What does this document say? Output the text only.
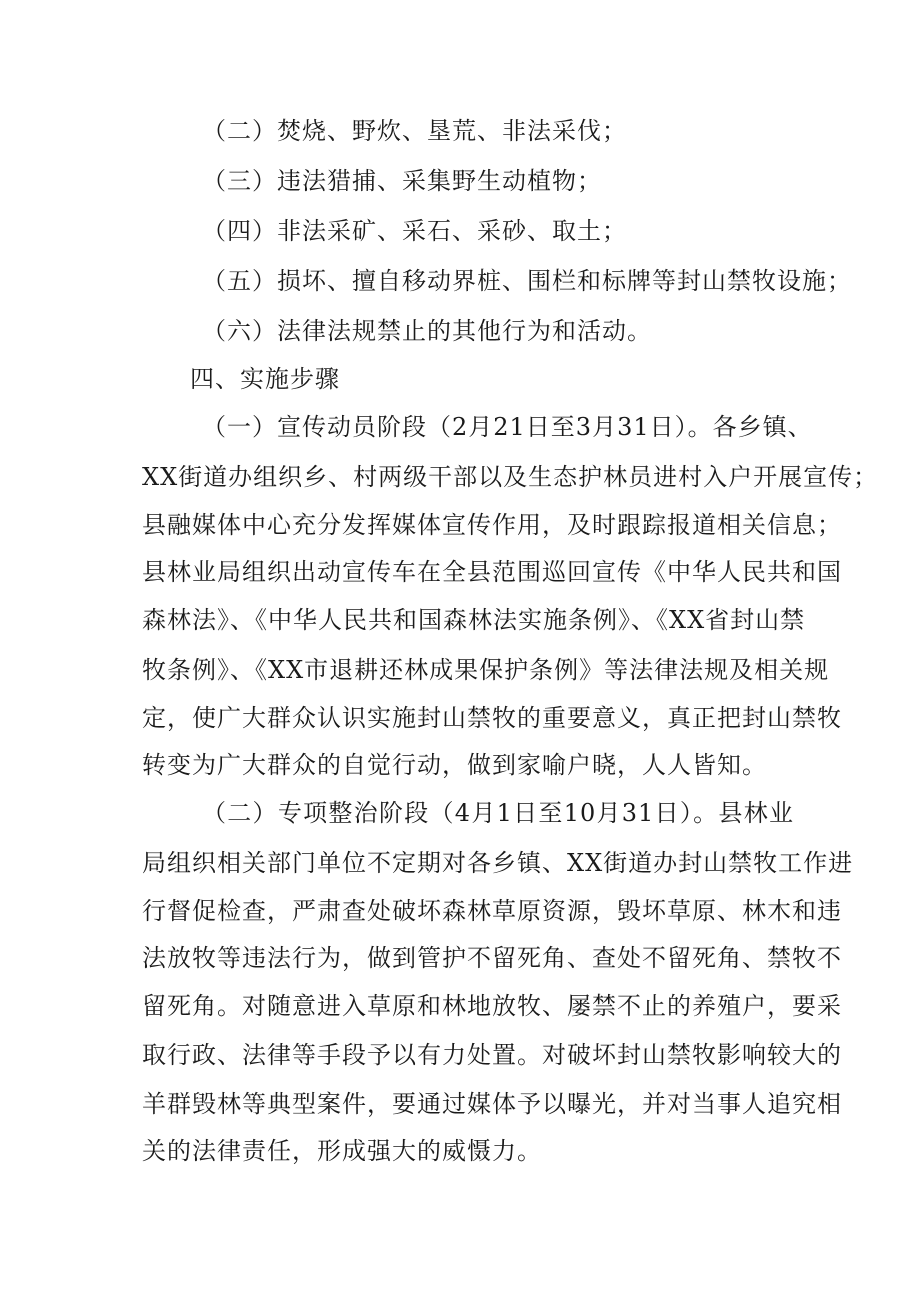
（二）焚烧、野炊、垦荒、非法采伐；
（三）违法猎捕、采集野生动植物；
（四）非法采矿、采石、采砂、取土；
（五）损坏、擅自移动界桩、围栏和标牌等封山禁牧设施；
（六）法律法规禁止的其他行为和活动。
四、实施步骤
（一）宣传动员阶段（2月21日至3月31日）。各乡镇、
XX街道办组织乡、村两级干部以及生态护林员进村入户开展宣传；
县融媒体中心充分发挥媒体宣传作用，及时跟踪报道相关信息；
县林业局组织出动宣传车在全县范围巡回宣传《中华人民共和国
森林法》、《中华人民共和国森林法实施条例》、《XX省封山禁
牧条例》、《XX市退耕还林成果保护条例》等法律法规及相关规
定，使广大群众认识实施封山禁牧的重要意义，真正把封山禁牧
转变为广大群众的自觉行动，做到家喻户晓，人人皆知。
（二）专项整治阶段（4月1日至10月31日）。县林业
局组织相关部门单位不定期对各乡镇、XX街道办封山禁牧工作进
行督促检查，严肃查处破坏森林草原资源，毁坏草原、林木和违
法放牧等违法行为，做到管护不留死角、查处不留死角、禁牧不
留死角。对随意进入草原和林地放牧、屡禁不止的养殖户，要采
取行政、法律等手段予以有力处置。对破坏封山禁牧影响较大的
羊群毁林等典型案件，要通过媒体予以曝光，并对当事人追究相
关的法律责任，形成强大的威慑力。
